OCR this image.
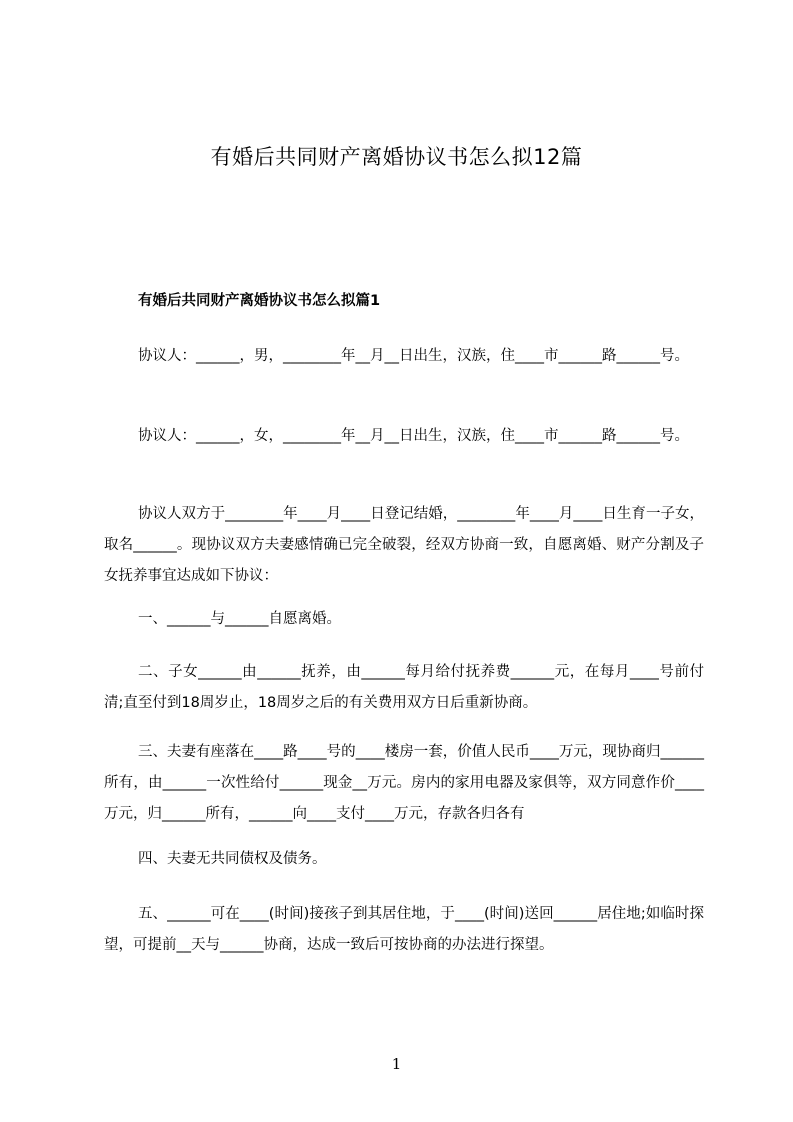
有婚后共同财产离婚协议书怎么拟12篇
有婚后共同财产离婚协议书怎么拟篇1
协议人：______，男，________年__月__日出生，汉族，住____市______路______号。
协议人：______，女，________年__月__日出生，汉族，住____市______路______号。
协议人双方于________年____月____日登记结婚，________年____月____日生育一子女，取名______。现协议双方夫妻感情确已完全破裂，经双方协商一致，自愿离婚、财产分割及子女抚养事宜达成如下协议：
一、______与______自愿离婚。
二、子女______由______抚养，由______每月给付抚养费______元，在每月____号前付清;直至付到18周岁止，18周岁之后的有关费用双方日后重新协商。
三、夫妻有座落在____路____号的____楼房一套，价值人民币____万元，现协商归______所有，由______一次性给付______现金__万元。房内的家用电器及家俱等，双方同意作价____万元，归______所有，______向____支付____万元，存款各归各有
四、夫妻无共同债权及债务。
五、______可在____(时间)接孩子到其居住地，于____(时间)送回______居住地;如临时探望，可提前__天与______协商，达成一致后可按协商的办法进行探望。
1
